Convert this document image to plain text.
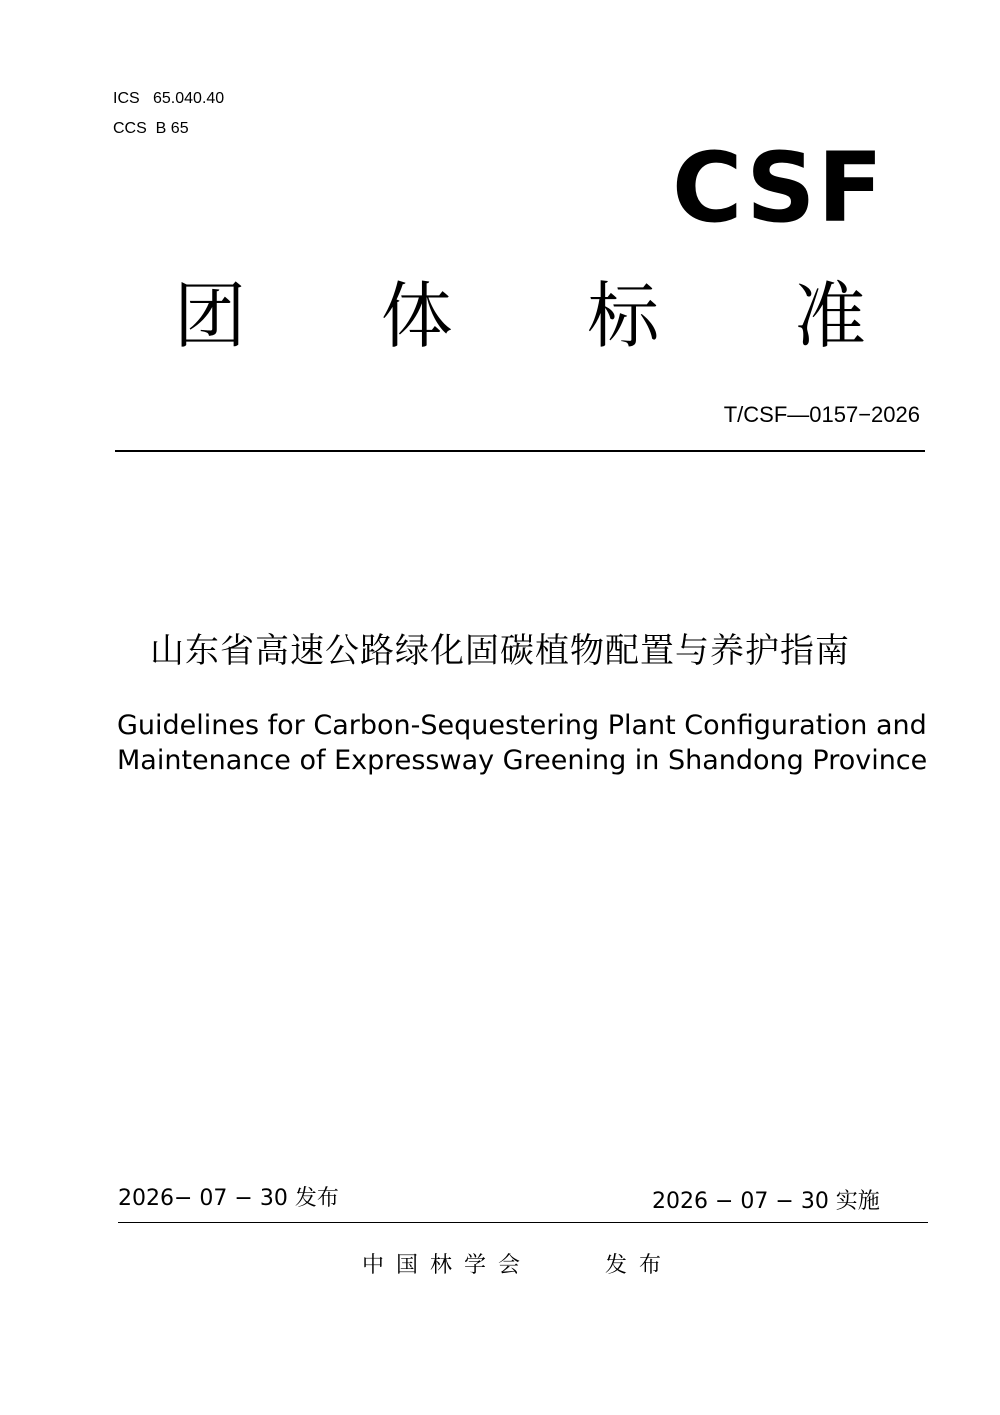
ICS   65.040.40
CCS  B 65
CSF
团	体	标	准
T/CSF—0157−2026
山东省高速公路绿化固碳植物配置与养护指南
Guidelines for Carbon-Sequestering Plant Configuration and
Maintenance of Expressway Greening in Shandong Province
2026− 07 − 30 发布	2026 − 07 − 30 实施
中国林学会	发布
